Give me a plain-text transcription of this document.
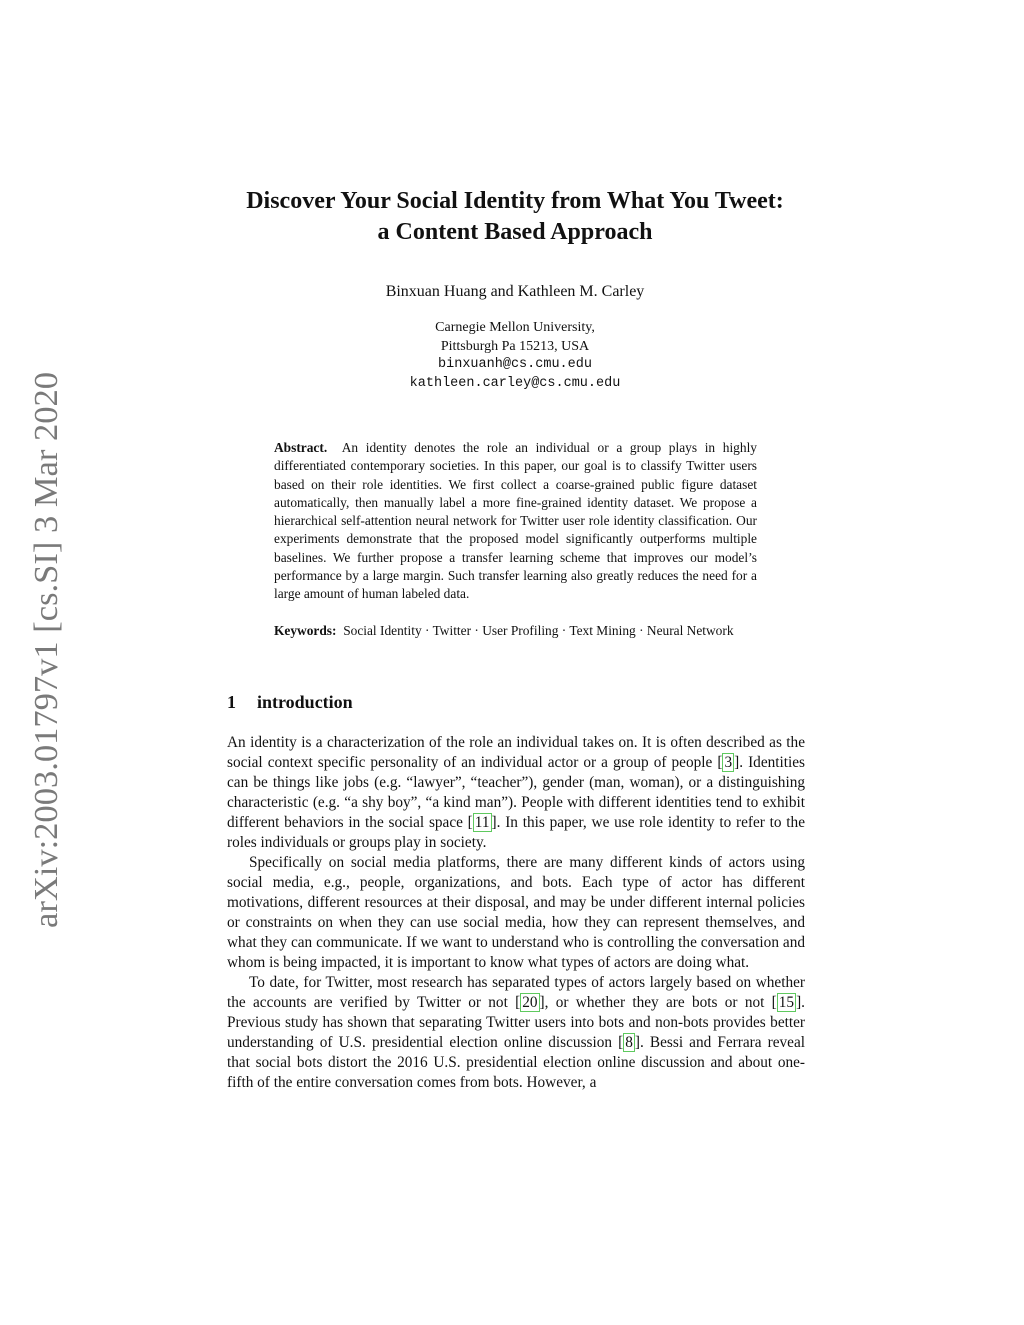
arXiv:2003.01797v1 [cs.SI] 3 Mar 2020
Discover Your Social Identity from What You Tweet:
a Content Based Approach
Binxuan Huang and Kathleen M. Carley
Carnegie Mellon University,
Pittsburgh Pa 15213, USA
binxuanh@cs.cmu.edu
kathleen.carley@cs.cmu.edu
Abstract. An identity denotes the role an individual or a group plays in highly differentiated contemporary societies. In this paper, our goal is to classify Twitter users based on their role identities. We first collect a coarse-grained public figure dataset automatically, then manually label a more fine-grained identity dataset. We propose a hierarchical self-attention neural network for Twitter user role identity classification. Our experiments demonstrate that the proposed model significantly outperforms multiple baselines. We further propose a transfer learning scheme that improves our model’s performance by a large margin. Such transfer learning also greatly reduces the need for a large amount of human labeled data.
Keywords: Social Identity · Twitter · User Profiling · Text Mining · Neural Network
1 introduction

An identity is a characterization of the role an individual takes on. It is often described as the social context specific personality of an individual actor or a group of people [ 3 ]. Identities can be things like jobs (e.g. “lawyer”, “teacher”), gender (man, woman), or a distinguishing characteristic (e.g. “a shy boy”, “a kind man”). People with different identities tend to exhibit different behaviors in the social space [ 11 ]. In this paper, we use role identity to refer to the roles individuals or groups play in society.

Specifically on social media platforms, there are many different kinds of actors using social media, e.g., people, organizations, and bots. Each type of actor has different motivations, different resources at their disposal, and may be under different internal policies or constraints on when they can use social media, how they can represent themselves, and what they can communicate. If we want to understand who is controlling the conversation and whom is being impacted, it is important to know what types of actors are doing what.

To date, for Twitter, most research has separated types of actors largely based on whether the accounts are verified by Twitter or not [ 20 ], or whether they are bots or not [ 15 ]. Previous study has shown that separating Twitter users into bots and non-bots provides better understanding of U.S. presidential election online discussion [ 8 ]. Bessi and Ferrara reveal that social bots distort the 2016 U.S. presidential election online discussion and about one-fifth of the entire conversation comes from bots. However, a
